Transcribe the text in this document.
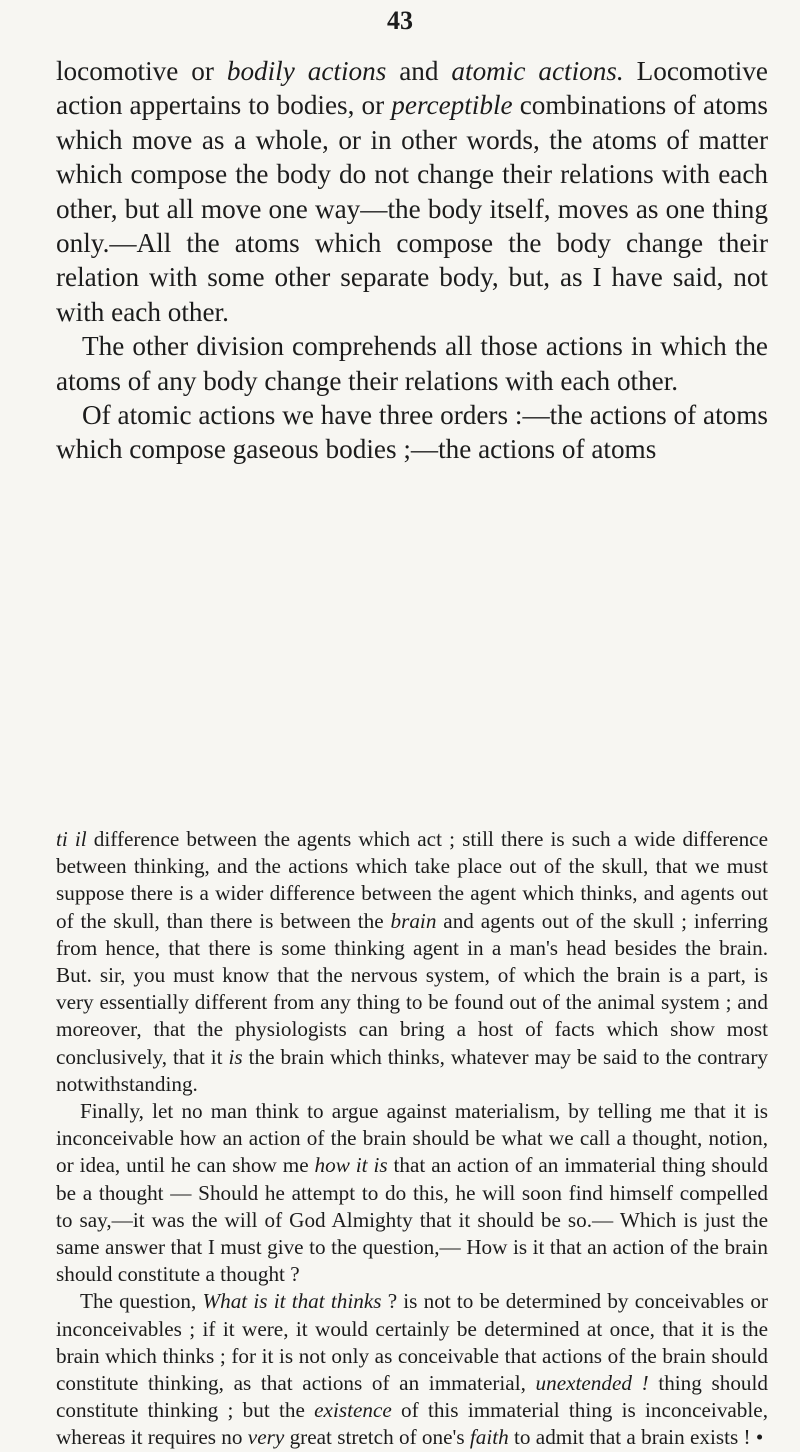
43

locomotive or bodily actions and atomic actions. Locomotive action appertains to bodies, or perceptible combinations of atoms which move as a whole, or in other words, the atoms of matter which compose the body do not change their relations with each other, but all move one way—the body itself, moves as one thing only.—All the atoms which compose the body change their relation with some other separate body, but, as I have said, not with each other.

The other division comprehends all those actions in which the atoms of any body change their relations with each other.

Of atomic actions we have three orders :—the actions of atoms which compose gaseous bodies ;—the actions of atoms

ti il difference between the agents which act ; still there is such a wide difference between thinking, and the actions which take place out of the skull, that we must suppose there is a wider difference between the agent which thinks, and agents out of the skull, than there is between the brain and agents out of the skull ; inferring from hence, that there is some thinking agent in a man's head besides the brain. But. sir, you must know that the nervous system, of which the brain is a part, is very essentially different from any thing to be found out of the animal system ; and moreover, that the physiologists can bring a host of facts which show most conclusively, that it is the brain which thinks, whatever may be said to the contrary notwithstanding.

Finally, let no man think to argue against materialism, by telling me that it is inconceivable how an action of the brain should be what we call a thought, notion, or idea, until he can show me how it is that an action of an immaterial thing should be a thought — Should he attempt to do this, he will soon find himself compelled to say,—it was the will of God Almighty that it should be so.— Which is just the same answer that I must give to the question,— How is it that an action of the brain should constitute a thought ?

The question, What is it that thinks ? is not to be determined by conceivables or inconceivables ; if it were, it would certainly be determined at once, that it is the brain which thinks ; for it is not only as conceivable that actions of the brain should constitute thinking, as that actions of an immaterial, unextended ! thing should constitute thinking ; but the existence of this immaterial thing is inconceivable, whereas it requires no very great stretch of one's faith to admit that a brain exists ! •
